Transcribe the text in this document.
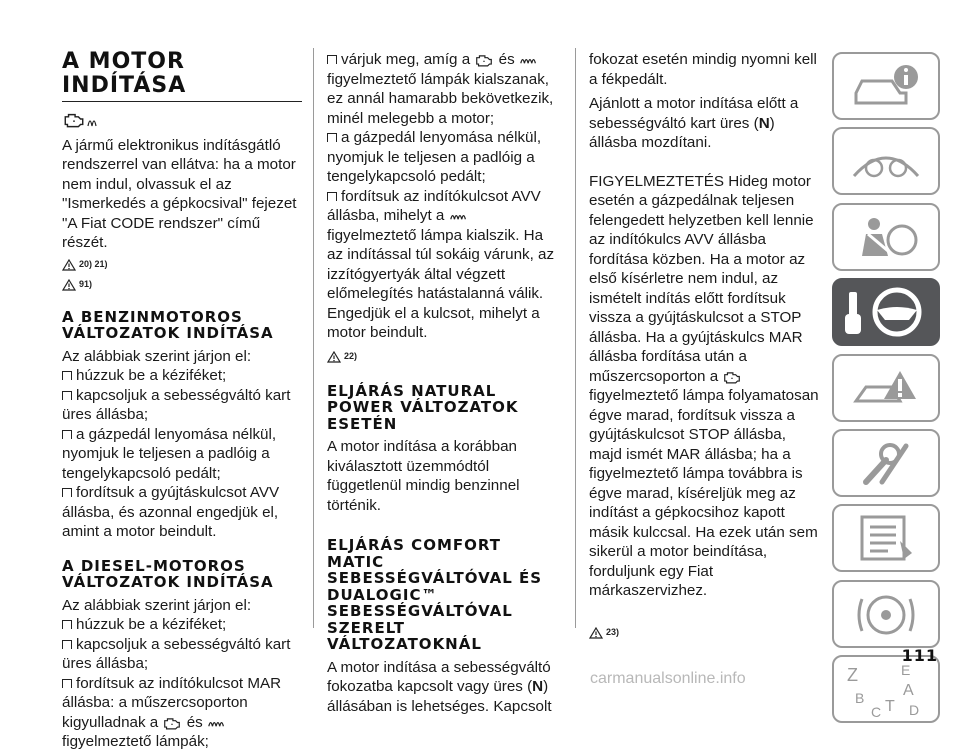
A MOTOR INDÍTÁSA

A jármű elektronikus indításgátló rendszerrel van ellátva: ha a motor nem indul, olvassuk el az "Ismerkedés a gépkocsival" fejezet "A Fiat CODE rendszer" című részét.

20) 21)
91)
A BENZINMOTOROS VÁLTOZATOK INDÍTÁSA

Az alábbiak szerint járjon el:

húzzuk be a kéziféket;

kapcsoljuk a sebességváltó kart üres állásba;

a gázpedál lenyomása nélkül, nyomjuk le teljesen a padlóig a tengelykapcsoló pedált;

fordítsuk a gyújtáskulcsot AVV állásba, és azonnal engedjük el, amint a motor beindult.

A DIESEL-MOTOROS VÁLTOZATOK INDÍTÁSA

Az alábbiak szerint járjon el:

húzzuk be a kéziféket;

kapcsoljuk a sebességváltó kart üres állásba;

fordítsuk az indítókulcsot MAR állásba: a műszercsoporton

kigyulladnak a és  figyelmeztető lámpák;

várjuk meg, amíg a és  figyelmeztető lámpák kialszanak, ez annál hamarabb bekövetkezik, minél melegebb a motor;

a gázpedál lenyomása nélkül, nyomjuk le teljesen a padlóig a tengelykapcsoló pedált;

fordítsuk az indítókulcsot AVV állásba, mihelyt a  figyelmeztető lámpa kialszik. Ha az indítással túl sokáig várunk, az izzítógyertyák által végzett előmelegítés hatástalanná válik. Engedjük el a kulcsot, mihelyt a motor beindult.

22)
ELJÁRÁS NATURAL POWER VÁLTOZATOK ESETÉN

A motor indítása a korábban kiválasztott üzemmódtól függetlenül mindig benzinnel történik.

ELJÁRÁS COMFORT MATIC SEBESSÉGVÁLTÓVAL ÉS DUALOGIC™ SEBESSÉGVÁLTÓVAL SZERELT VÁLTOZATOKNÁL

A motor indítása a sebességváltó fokozatba kapcsolt vagy üres (N) állásában is lehetséges. Kapcsolt

fokozat esetén mindig nyomni kell a fékpedált.

Ajánlott a motor indítása előtt a sebességváltó kart üres (N) állásba mozdítani.

FIGYELMEZTETÉS Hideg motor esetén a gázpedálnak teljesen felengedett helyzetben kell lennie az indítókulcs AVV állásba fordítása közben. Ha a motor az első kísérletre nem indul, az ismételt indítás előtt fordítsuk vissza a gyújtáskulcsot a STOP állásba. Ha a gyújtáskulcs MAR állásba fordítása után a műszercsoporton a  figyelmeztető lámpa folyamatosan égve marad, fordítsuk vissza a gyújtáskulcsot STOP állásba, majd ismét MAR állásba; ha a figyelmeztető lámpa továbbra is égve marad, kíséreljük meg az indítást a gépkocsihoz kapott másik kulccsal. Ha ezek után sem sikerül a motor beindítása, forduljunk egy Fiat márkaszervizhez.

23)
Z	E
B A
C T D
111
carmanualsonline.info
